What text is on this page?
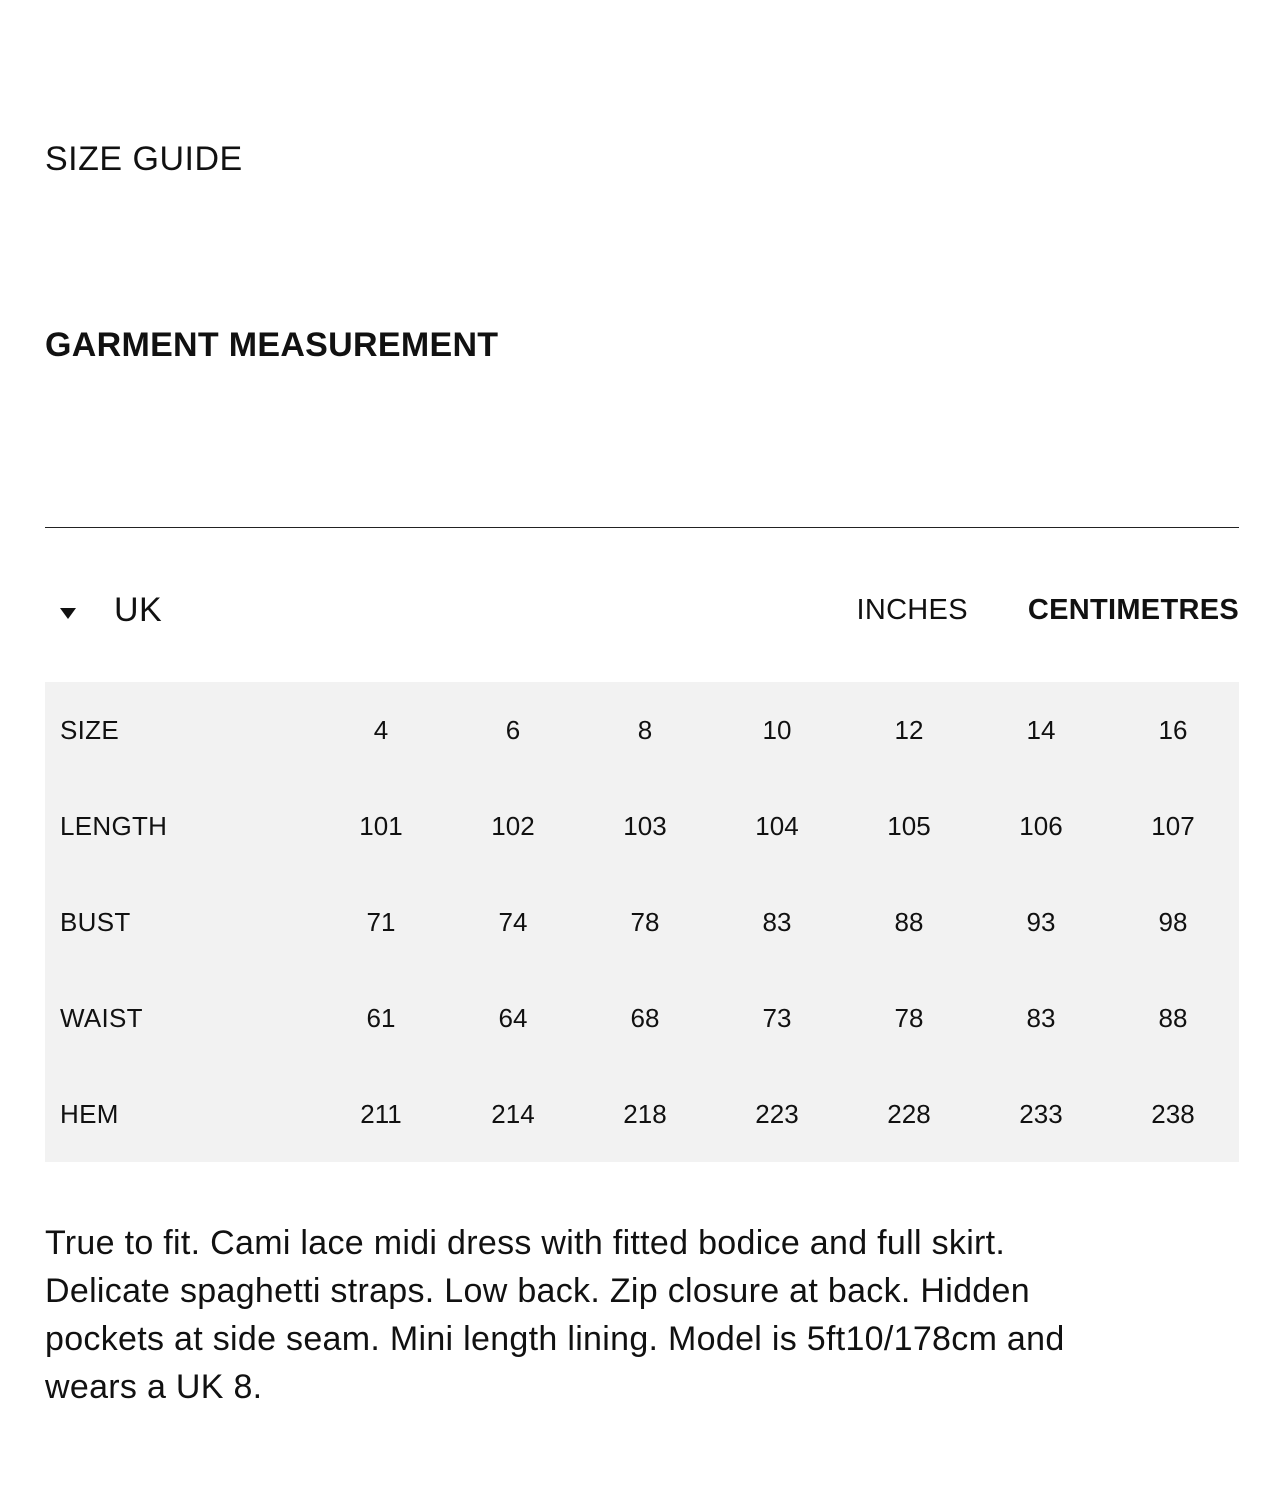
SIZE GUIDE
GARMENT MEASUREMENT
UK	INCHES CENTIMETRES
SIZE	4	6	8	10	12	14	16
LENGTH	101	102	103	104	105	106	107
BUST	71	74	78	83	88	93	98
WAIST	61	64	68	73	78	83	88
HEM	211	214	218	223	228	233	238

True to fit. Cami lace midi dress with fitted bodice and full skirt. Delicate spaghetti straps. Low back. Zip closure at back. Hidden pockets at side seam. Mini length lining. Model is 5ft10/178cm and wears a UK 8.
